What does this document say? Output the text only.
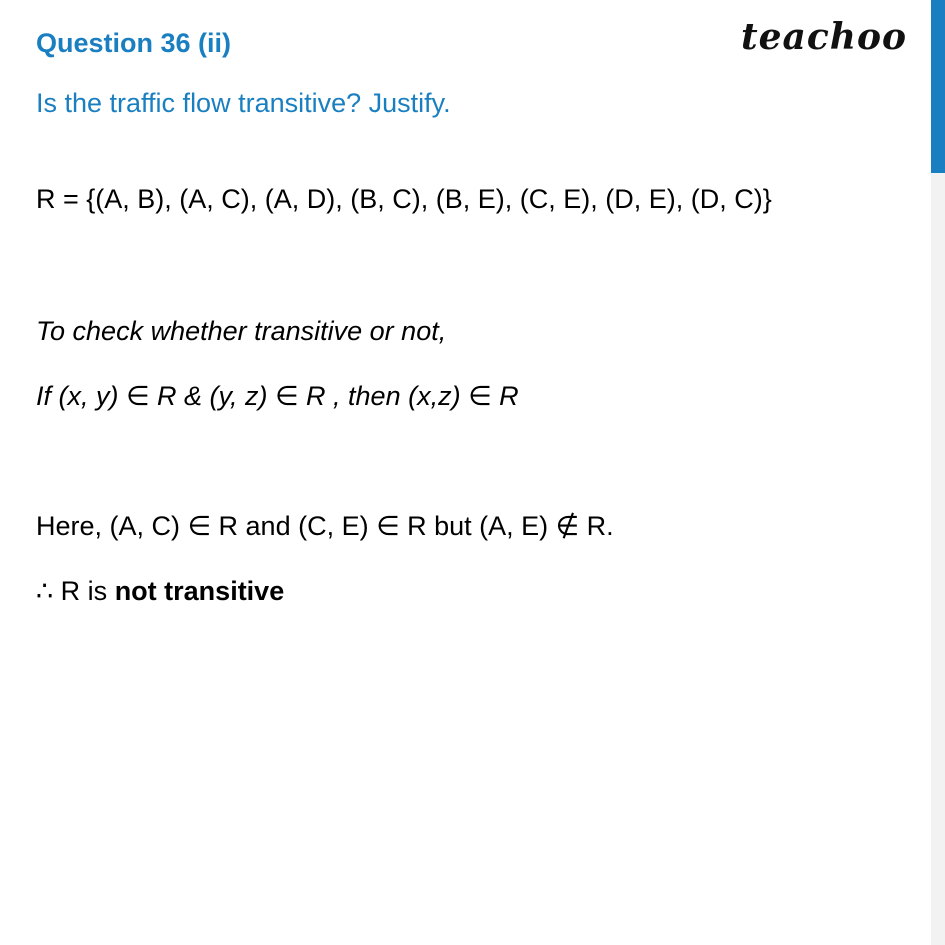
Question 36 (ii)	teachoo
Is the traffic flow transitive? Justify.
R = {(A, B), (A, C), (A, D), (B, C), (B, E), (C, E), (D, E), (D, C)}
To check whether transitive or not,
If (x, y) ∈ R & (y, z) ∈ R , then (x,z) ∈ R
Here, (A, C) ∈ R and (C, E) ∈ R but (A, E) ∉ R.
∴ R is not transitive
